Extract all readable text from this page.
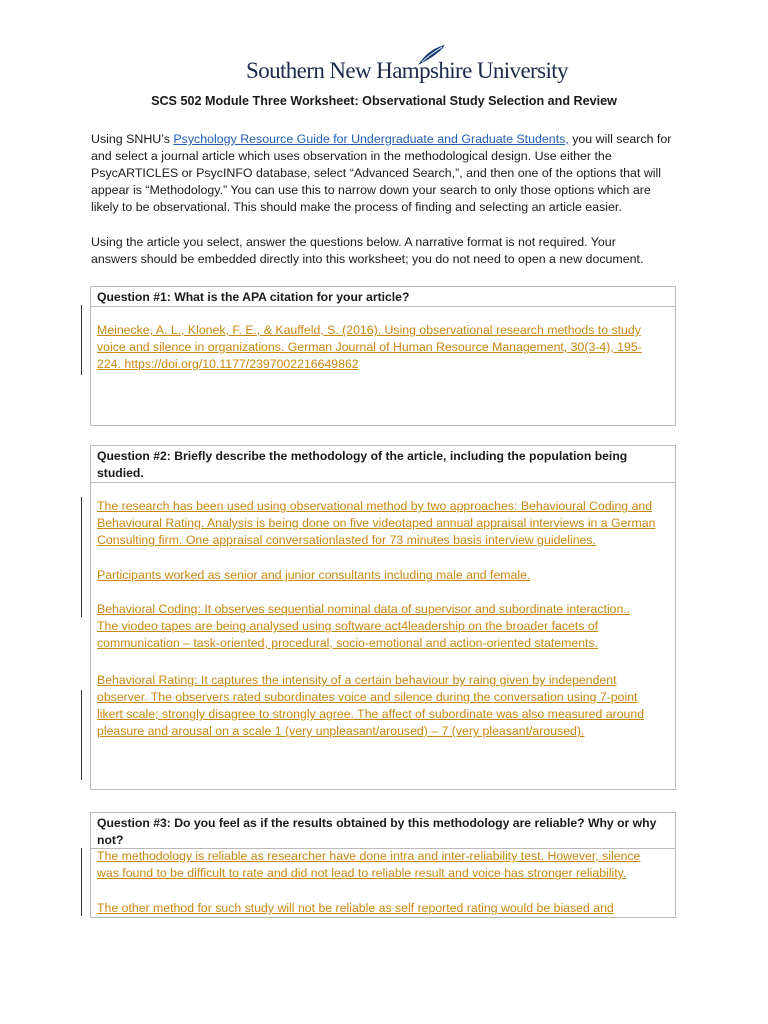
Southern New Hampshire University
SCS 502 Module Three Worksheet: Observational Study Selection and Review
Using SNHU’s Psychology Resource Guide for Undergraduate and Graduate Students, you will search for
and select a journal article which uses observation in the methodological design. Use either the
PsycARTICLES or PsycINFO database, select “Advanced Search,”, and then one of the options that will
appear is “Methodology.” You can use this to narrow down your search to only those options which are
likely to be observational. This should make the process of finding and selecting an article easier.
Using the article you select, answer the questions below. A narrative format is not required. Your
answers should be embedded directly into this worksheet; you do not need to open a new document.
Question #1: What is the APA citation for your article?
Meinecke, A. L., Klonek, F. E., & Kauffeld, S. (2016). Using observational research methods to study
voice and silence in organizations. German Journal of Human Resource Management, 30(3-4), 195-
224. https://doi.org/10.1177/2397002216649862
Question #2: Briefly describe the methodology of the article, including the population being
studied.
The research has been used using observational method by two approaches: Behavioural Coding and
Behavioural Rating. Analysis is being done on five videotaped annual appraisal interviews in a German
Consulting firm. One appraisal conversationlasted for 73 minutes basis interview guidelines.
Participants worked as senior and junior consultants including male and female.
Behavioral Coding: It observes sequential nominal data of supervisor and subordinate interaction..
The viodeo tapes are being analysed using software act4leadership on the broader facets of
communication – task-oriented, procedural, socio-emotional and action-oriented statements.
Behavioral Rating: It captures the intensity of a certain behaviour by raing given by independent
observer. The observers rated subordinates voice and silence during the conversation using 7-point
likert scale; strongly disagree to strongly agree. The affect of subordinate was also measured around
pleasure and arousal on a scale 1 (very unpleasant/aroused) – 7 (very pleasant/aroused).
Question #3: Do you feel as if the results obtained by this methodology are reliable? Why or why
not?
The methodology is reliable as researcher have done intra and inter-reliability test. However, silence
was found to be difficult to rate and did not lead to reliable result and voice has stronger reliability.
The other method for such study will not be reliable as self reported rating would be biased and
